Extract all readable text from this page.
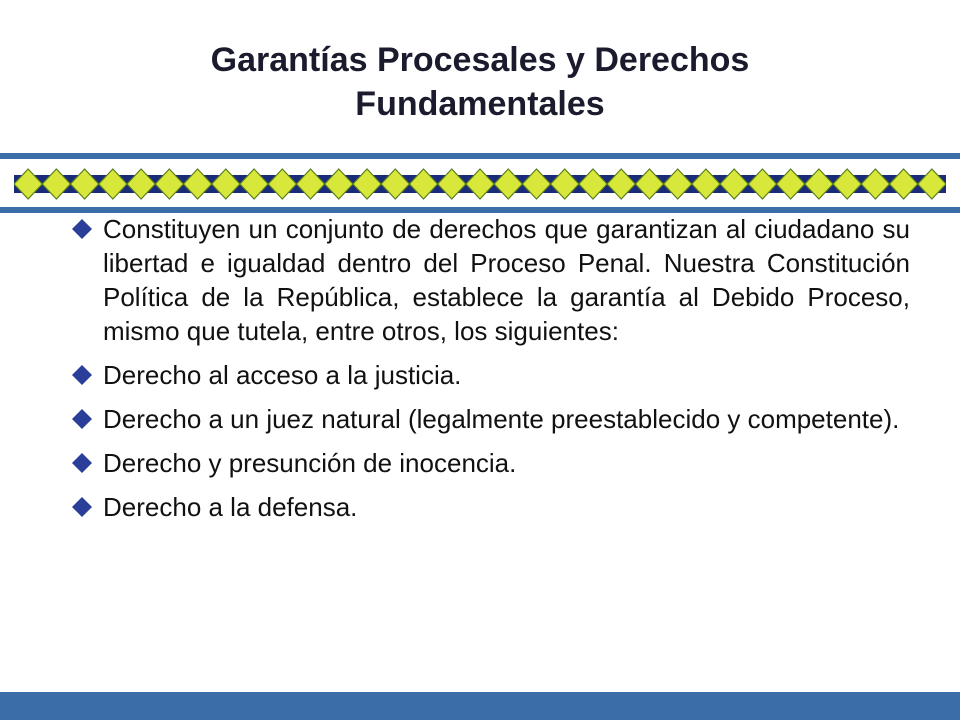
Garantías Procesales y Derechos
Fundamentales
Constituyen un conjunto de derechos que garantizan al ciudadano su libertad e igualdad dentro del Proceso Penal. Nuestra Constitución Política de la República, establece la garantía al Debido Proceso, mismo que tutela, entre otros, los siguientes:
Derecho al acceso a la justicia.
Derecho a un juez natural (legalmente preestablecido y competente).
Derecho y presunción de inocencia.
Derecho a la defensa.
